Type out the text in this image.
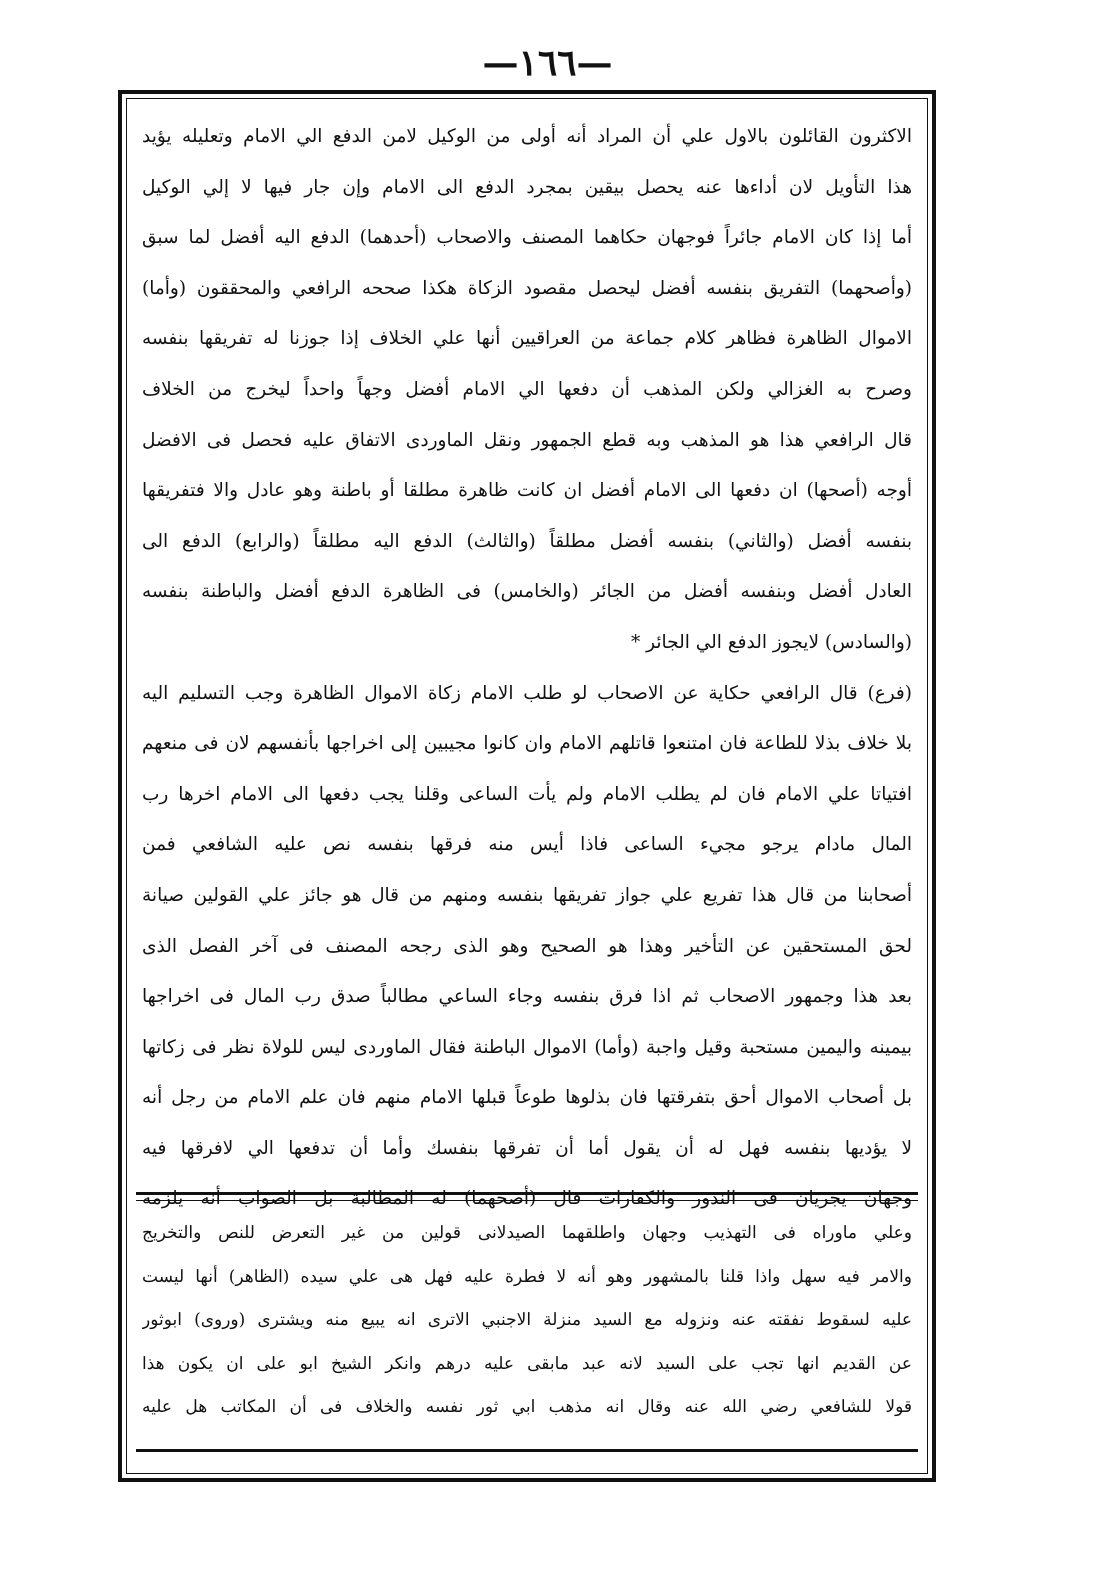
—١٦٦—
الاكثرون القائلون بالاول علي أن المراد أنه أولى من الوكيل لامن الدفع الي الامام وتعليله يؤيد
هذا التأويل لان أداءها عنه يحصل بيقين بمجرد الدفع الى الامام وإن جار فيها لا إلي الوكيل
أما إذا كان الامام جائراً فوجهان حكاهما المصنف والاصحاب (أحدهما) الدفع اليه أفضل لما سبق
(وأصحهما) التفريق بنفسه أفضل ليحصل مقصود الزكاة هكذا صححه الرافعي والمحققون (وأما)
الاموال الظاهرة فظاهر كلام جماعة من العراقيين أنها علي الخلاف إذا جوزنا له تفريقها بنفسه
وصرح به الغزالي ولكن المذهب أن دفعها الي الامام أفضل وجهاً واحداً ليخرج من الخلاف
قال الرافعي هذا هو المذهب وبه قطع الجمهور ونقل الماوردى الاتفاق عليه فحصل فى الافضل
أوجه (أصحها) ان دفعها الى الامام أفضل ان كانت ظاهرة مطلقا أو باطنة وهو عادل والا فتفريقها
بنفسه أفضل (والثاني) بنفسه أفضل مطلقاً (والثالث) الدفع اليه مطلقاً (والرابع) الدفع الى
العادل أفضل وبنفسه أفضل من الجائر (والخامس) فى الظاهرة الدفع أفضل والباطنة بنفسه
(والسادس) لايجوز الدفع الي الجائر *
(فرع) قال الرافعي حكاية عن الاصحاب لو طلب الامام زكاة الاموال الظاهرة وجب التسليم اليه
بلا خلاف بذلا للطاعة فان امتنعوا قاتلهم الامام وان كانوا مجيبين إلى اخراجها بأنفسهم لان فى منعهم
افتياتا علي الامام فان لم يطلب الامام ولم يأت الساعى وقلنا يجب دفعها الى الامام اخرها رب
المال مادام يرجو مجيء الساعى فاذا أيس منه فرقها بنفسه نص عليه الشافعي فمن
أصحابنا من قال هذا تفريع علي جواز تفريقها بنفسه ومنهم من قال هو جائز علي القولين صيانة
لحق المستحقين عن التأخير وهذا هو الصحيح وهو الذى رجحه المصنف فى آخر الفصل الذى
بعد هذا وجمهور الاصحاب ثم اذا فرق بنفسه وجاء الساعي مطالباً صدق رب المال فى اخراجها
بيمينه واليمين مستحبة وقيل واجبة (وأما) الاموال الباطنة فقال الماوردى ليس للولاة نظر فى زكاتها
بل أصحاب الاموال أحق بتفرقتها فان بذلوها طوعاً قبلها الامام منهم فان علم الامام من رجل أنه
لا يؤديها بنفسه فهل له أن يقول أما أن تفرقها بنفسك وأما أن تدفعها الي لافرقها فيه
وجهان يجريان فى النذور والكفارات قال (أصحهما) له المطالبة بل الصواب أنه يلزمه
وعلي ماوراه فى التهذيب وجهان واطلقهما الصيدلانى قولين من غير التعرض للنص والتخريج
والامر فيه سهل واذا قلنا بالمشهور وهو أنه لا فطرة عليه فهل هى علي سيده (الظاهر) أنها ليست
عليه لسقوط نفقته عنه ونزوله مع السيد منزلة الاجنبي الاترى انه يبيع منه ويشترى (وروى) ابوثور
عن القديم انها تجب على السيد لانه عبد مابقى عليه درهم وانكر الشيخ ابو على ان يكون هذا
قولا للشافعي رضي الله عنه وقال انه مذهب ابي ثور نفسه والخلاف فى أن المكاتب هل عليه
